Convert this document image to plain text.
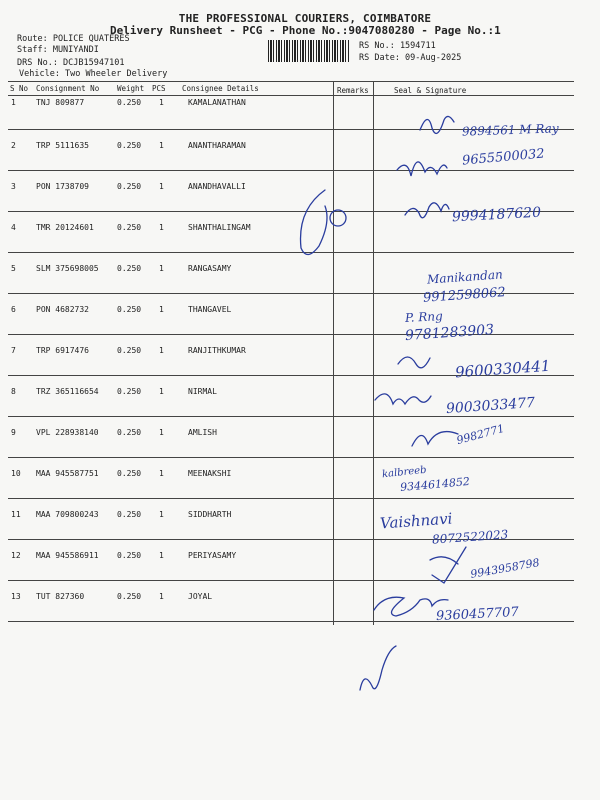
THE PROFESSIONAL COURIERS, COIMBATORE
Delivery Runsheet - PCG - Phone No.:9047080280 - Page No.:1
Route: POLICE QUATERES
Staff: MUNIYANDI
DRS No.: DCJB15947101
Vehicle: Two Wheeler Delivery
RS No.: 1594711
RS Date: 09-Aug-2025
S No Consignment No Weight PCS Consignee Details	Remarks	Seal & Signature
1	TNJ 809877	0.250 1	KAMALANATHAN
9894561 M Ray
2	TRP 5111635	0.250 1	ANANTHARAMAN
9655500032
3	PON 1738709	0.250 1	ANANDHAVALLI
9994187620
4	TMR 20124601	0.250 1	SHANTHALINGAM
5	SLM 375698005 0.250 1	RANGASAMY
9912598062
6	PON 4682732	0.250 1	THANGAVEL
9781283903
7	TRP 6917476	0.250 1	RANJITHKUMAR
9600330441
8	TRZ 365116654 0.250 1	NIRMAL
9003033477
9	VPL 228938140 0.250 1	AMLISH	9982771
10 MAA 945587751 0.250 1	MEENAKSHI
9344614852
11 MAA 709800243 0.250 1	SIDDHARTH
8072522023
12 MAA 945586911 0.250 1	PERIYASAMY
9943958798
13 TUT 827360	0.250 1	JOYAL
9360457707
Manikandan
P. Rng
kalbreeb
Vaishnavi
